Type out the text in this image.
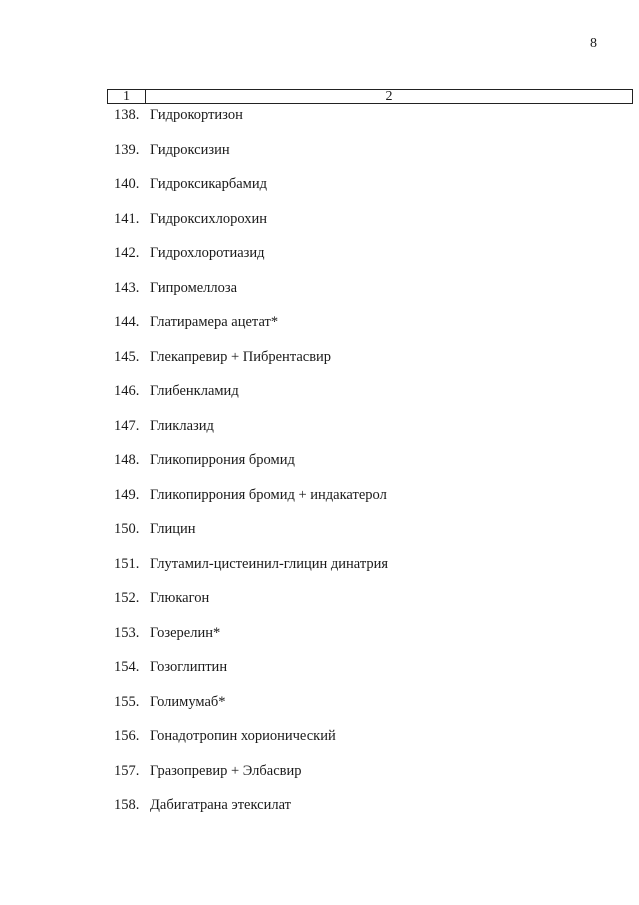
8
1	2
138. Гидрокортизон
139. Гидроксизин
140. Гидроксикарбамид
141. Гидроксихлорохин
142. Гидрохлоротиазид
143. Гипромеллоза
144. Глатирамера ацетат*
145. Глекапревир + Пибрентасвир
146. Глибенкламид
147. Гликлазид
148. Гликопиррония бромид
149. Гликопиррония бромид + индакатерол
150. Глицин
151. Глутамил-цистеинил-глицин динатрия
152. Глюкагон
153. Гозерелин*
154. Гозоглиптин
155. Голимумаб*
156. Гонадотропин хорионический
157. Гразопревир + Элбасвир
158. Дабигатрана этексилат
